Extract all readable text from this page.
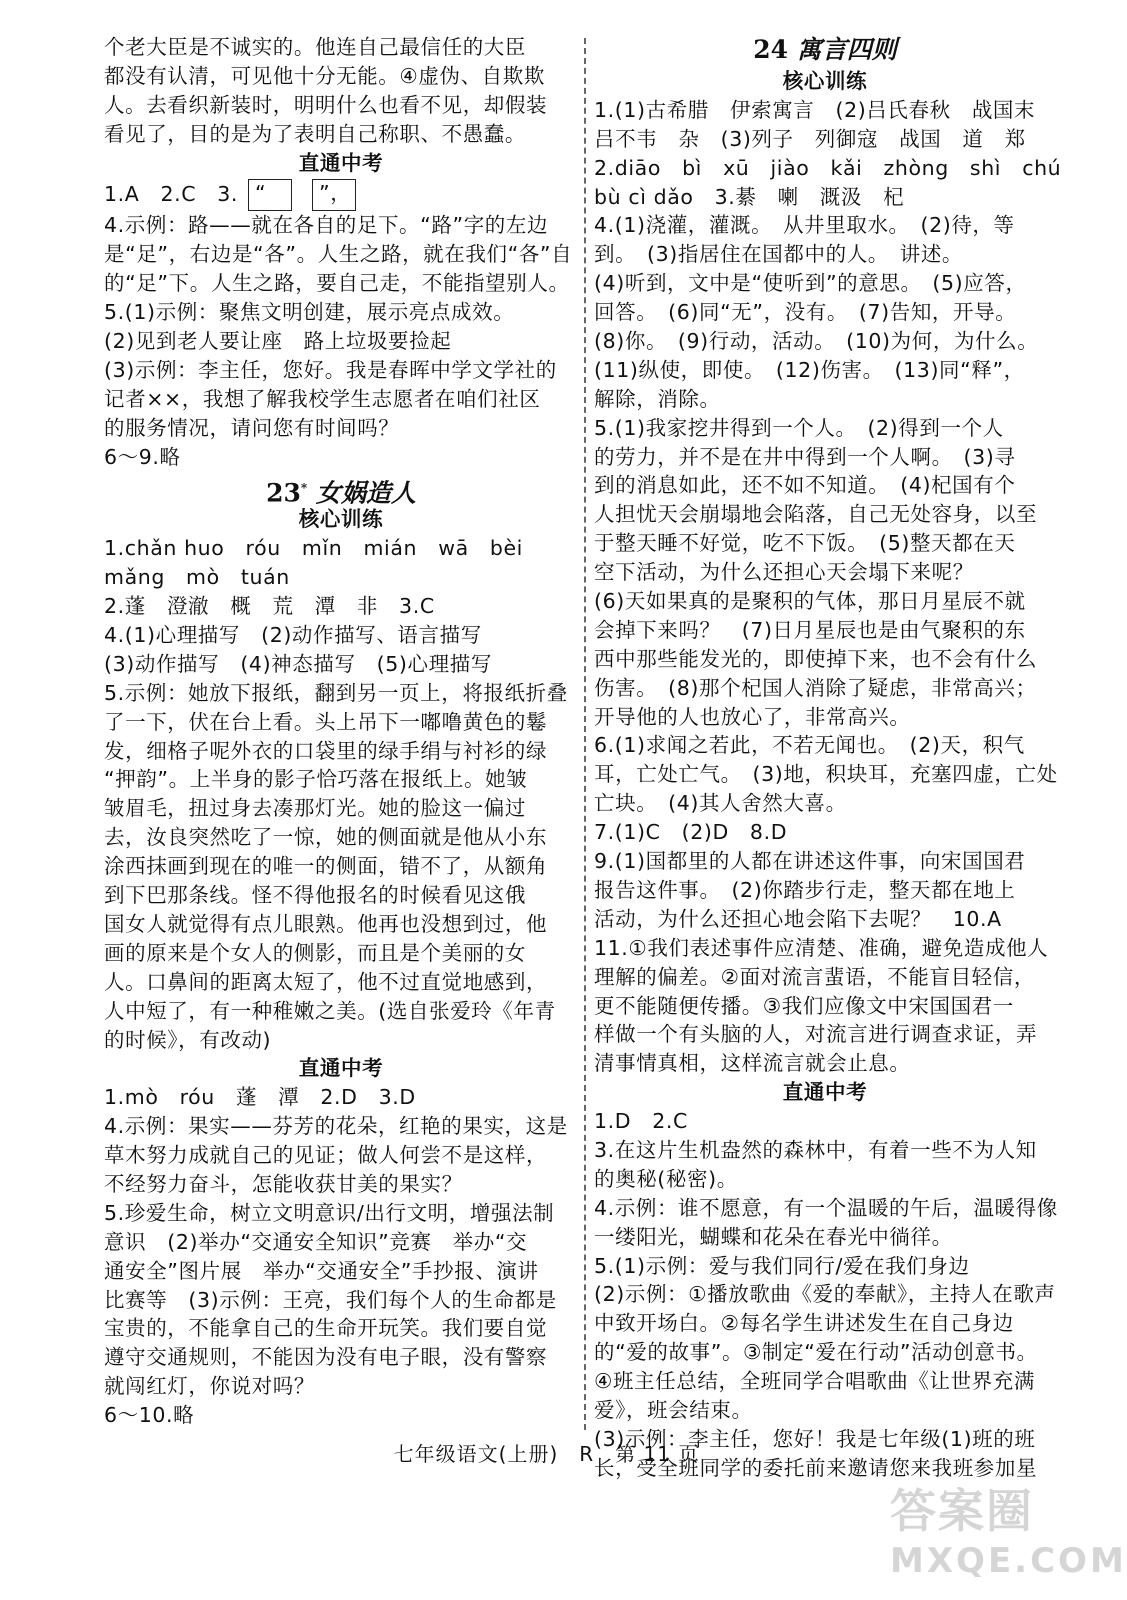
个老大臣是不诚实的。他连自己最信任的大臣
都没有认清，可见他十分无能。④虚伪、自欺欺
人。去看织新装时，明明什么也看不见，却假装
看见了，目的是为了表明自己称职、不愚蠢。
直通中考
1.A　2.C　3. “	”，
4.示例：路——就在各自的足下。“路”字的左边
是“足”，右边是“各”。人生之路，就在我们“各”自
的“足”下。人生之路，要自己走，不能指望别人。
5.(1)示例：聚焦文明创建，展示亮点成效。
(2)见到老人要让座　路上垃圾要捡起
(3)示例：李主任，您好。我是春晖中学文学社的
记者××，我想了解我校学生志愿者在咱们社区
的服务情况，请问您有时间吗？
6～9.略
23* 女娲造人
核心训练
1.chǎn huo　róu　mǐn　mián　wā　bèi
mǎng　mò　tuán
2.蓬　澄澈　概　荒　潭　非　3.C
4.(1)心理描写　(2)动作描写、语言描写
(3)动作描写　(4)神态描写　(5)心理描写
5.示例：她放下报纸，翻到另一页上，将报纸折叠
了一下，伏在台上看。头上吊下一嘟噜黄色的鬈
发，细格子呢外衣的口袋里的绿手绢与衬衫的绿
“押韵”。上半身的影子恰巧落在报纸上。她皱
皱眉毛，扭过身去凑那灯光。她的脸这一偏过
去，汝良突然吃了一惊，她的侧面就是他从小东
涂西抹画到现在的唯一的侧面，错不了，从额角
到下巴那条线。怪不得他报名的时候看见这俄
国女人就觉得有点儿眼熟。他再也没想到过，他
画的原来是个女人的侧影，而且是个美丽的女
人。口鼻间的距离太短了，他不过直觉地感到，
人中短了，有一种稚嫩之美。(选自张爱玲《年青
的时候》，有改动)
直通中考
1.mò　róu　蓬　潭　2.D　3.D
4.示例：果实——芬芳的花朵，红艳的果实，这是
草木努力成就自己的见证；做人何尝不是这样，
不经努力奋斗，怎能收获甘美的果实？
5.珍爱生命，树立文明意识/出行文明，增强法制
意识　(2)举办“交通安全知识”竞赛　举办“交
通安全”图片展　举办“交通安全”手抄报、演讲
比赛等　(3)示例：王亮，我们每个人的生命都是
宝贵的，不能拿自己的生命开玩笑。我们要自觉
遵守交通规则，不能因为没有电子眼，没有警察
就闯红灯，你说对吗？
6～10.略
24 寓言四则
核心训练
1.(1)古希腊　伊索寓言　(2)吕氏春秋　战国末
吕不韦　杂　(3)列子　列御寇　战国　道　郑
2.diāo　bì　xū　jiào　kǎi　zhòng　shì　chú
bù cì dǎo　3.綦　喇　溉汲　杞
4.(1)浇灌，灌溉。　从井里取水。　(2)待，等
到。　(3)指居住在国都中的人。　讲述。
(4)听到，文中是“使听到”的意思。　(5)应答，
回答。　(6)同“无”，没有。　(7)告知，开导。
(8)你。　(9)行动，活动。　(10)为何，为什么。
(11)纵使，即使。　(12)伤害。　(13)同“释”，
解除，消除。
5.(1)我家挖井得到一个人。　(2)得到一个人
的劳力，并不是在井中得到一个人啊。　(3)寻
到的消息如此，还不如不知道。　(4)杞国有个
人担忧天会崩塌地会陷落，自己无处容身，以至
于整天睡不好觉，吃不下饭。　(5)整天都在天
空下活动，为什么还担心天会塌下来呢？
(6)天如果真的是聚积的气体，那日月星辰不就
会掉下来吗？　(7)日月星辰也是由气聚积的东
西中那些能发光的，即使掉下来，也不会有什么
伤害。　(8)那个杞国人消除了疑虑，非常高兴；
开导他的人也放心了，非常高兴。
6.(1)求闻之若此，不若无闻也。　(2)天，积气
耳，亡处亡气。　(3)地，积块耳，充塞四虚，亡处
亡块。　(4)其人舍然大喜。
7.(1)C　(2)D　8.D
9.(1)国都里的人都在讲述这件事，向宋国国君
报告这件事。　(2)你踏步行走，整天都在地上
活动，为什么还担心地会陷下去呢？　10.A
11.①我们表述事件应清楚、准确，避免造成他人
理解的偏差。②面对流言蜚语，不能盲目轻信，
更不能随便传播。③我们应像文中宋国国君一
样做一个有头脑的人，对流言进行调查求证，弄
清事情真相，这样流言就会止息。
直通中考
1.D　2.C
3.在这片生机盎然的森林中，有着一些不为人知
的奥秘(秘密)。
4.示例：谁不愿意，有一个温暖的午后，温暖得像
一缕阳光，蝴蝶和花朵在春光中徜徉。
5.(1)示例：爱与我们同行/爱在我们身边
(2)示例：①播放歌曲《爱的奉献》，主持人在歌声
中致开场白。②每名学生讲述发生在自己身边
的“爱的故事”。③制定“爱在行动”活动创意书。
④班主任总结，全班同学合唱歌曲《让世界充满
爱》，班会结束。
(3)示例：李主任，您好！我是七年级(1)班的班
长，受全班同学的委托前来邀请您来我班参加星
七年级语文(上册)　R　第 11 页
答案圈
MXQE.COM
